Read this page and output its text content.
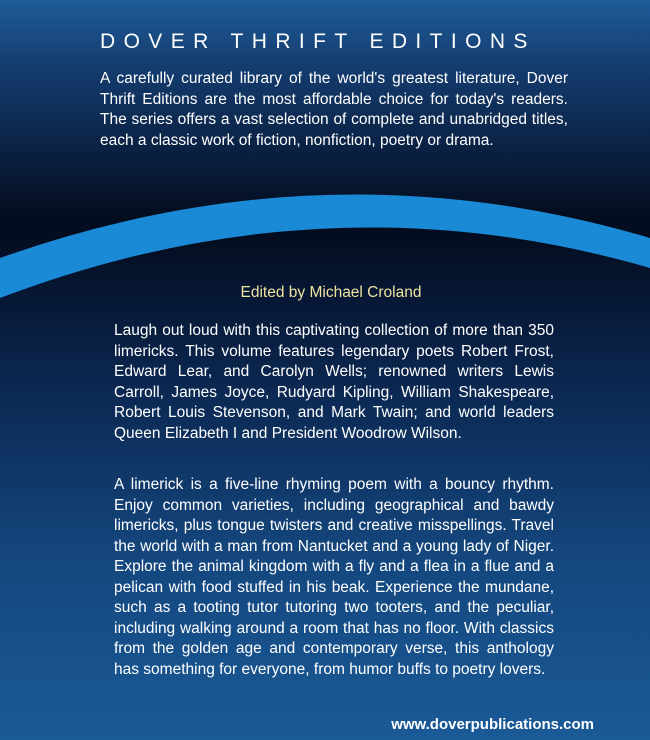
DOVER THRIFT EDITIONS
A carefully curated library of the world's greatest literature, Dover Thrift Editions are the most affordable choice for today's readers. The series offers a vast selection of complete and unabridged titles, each a classic work of fiction, nonfiction, poetry or drama.
Edited by Michael Croland

Laugh out loud with this captivating collection of more than 350 limericks. This volume features legendary poets Robert Frost, Edward Lear, and Carolyn Wells; renowned writers Lewis Carroll, James Joyce, Rudyard Kipling, William Shakespeare, Robert Louis Stevenson, and Mark Twain; and world leaders Queen Elizabeth I and President Woodrow Wilson.

A limerick is a five-line rhyming poem with a bouncy rhythm. Enjoy common varieties, including geographical and bawdy limericks, plus tongue twisters and creative misspellings. Travel the world with a man from Nantucket and a young lady of Niger. Explore the animal kingdom with a fly and a flea in a flue and a pelican with food stuffed in his beak. Experience the mundane, such as a tooting tutor tutoring two tooters, and the peculiar, including walking around a room that has no floor. With classics from the golden age and contemporary verse, this anthology has something for everyone, from humor buffs to poetry lovers.

www.doverpublications.com
